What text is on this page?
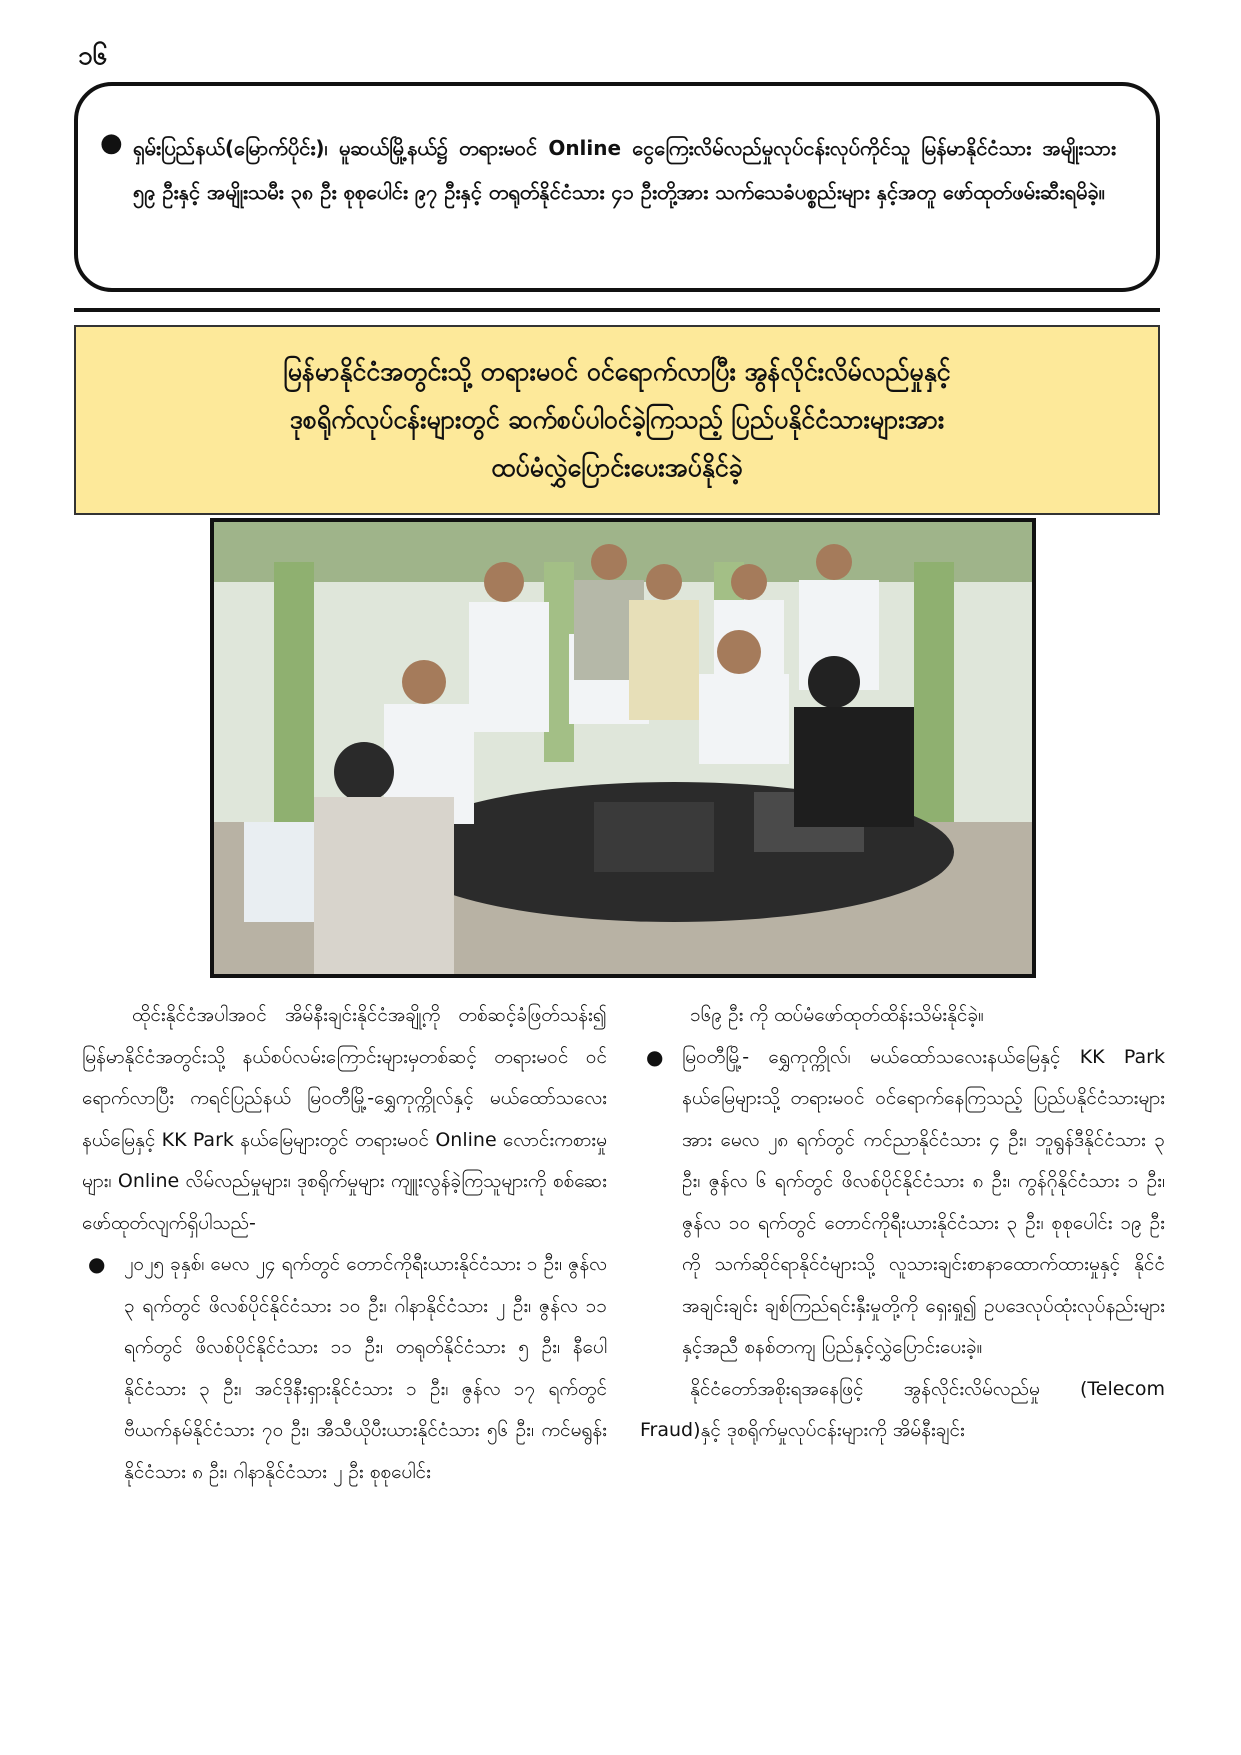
၁၆
● ရှမ်းပြည်နယ်(မြောက်ပိုင်း)၊ မူဆယ်မြို့နယ်၌ တရားမဝင် Online ငွေကြေးလိမ်လည်မှုလုပ်ငန်းလုပ်ကိုင်သူ မြန်မာနိုင်ငံသား အမျိုးသား ၅၉ ဦးနှင့် အမျိုးသမီး ၃၈ ဦး စုစုပေါင်း ၉၇ ဦးနှင့် တရုတ်နိုင်ငံသား ၄၁ ဦးတို့အား သက်သေခံပစ္စည်းများ နှင့်အတူ ဖော်ထုတ်ဖမ်းဆီးရမိခဲ့။

မြန်မာနိုင်ငံအတွင်းသို့ တရားမဝင် ဝင်ရောက်လာပြီး အွန်လိုင်းလိမ်လည်မှုနှင့်
ဒုစရိုက်လုပ်ငန်းများတွင် ဆက်စပ်ပါဝင်ခဲ့ကြသည့် ပြည်ပနိုင်ငံသားများအား
ထပ်မံလွှဲပြောင်းပေးအပ်နိုင်ခဲ့

ထိုင်းနိုင်ငံအပါအဝင် အိမ်နီးချင်းနိုင်ငံအချို့ကို တစ်ဆင့်ခံဖြတ်သန်း၍ မြန်မာနိုင်ငံအတွင်းသို့ နယ်စပ်လမ်းကြောင်းများမှတစ်ဆင့် တရားမဝင် ဝင်ရောက်လာပြီး ကရင်ပြည်နယ် မြဝတီမြို့-ရွှေကုက္ကိုလ်နှင့် မယ်ထော်သလေးနယ်မြေနှင့် KK Park နယ်မြေများတွင် တရားမဝင် Online လောင်းကစားမှုများ၊ Online လိမ်လည်မှုများ၊ ဒုစရိုက်မှုများ ကျူးလွန်ခဲ့ကြသူများကို စစ်ဆေးဖော်ထုတ်လျက်ရှိပါသည်-

● ၂၀၂၅ ခုနှစ်၊ မေလ ၂၄ ရက်တွင် တောင်ကိုရီးယားနိုင်ငံသား ၁ ဦး၊ ဇွန်လ ၃ ရက်တွင် ဖိလစ်ပိုင်နိုင်ငံသား ၁၀ ဦး၊ ဂါနာနိုင်ငံသား ၂ ဦး၊ ဇွန်လ ၁၁ ရက်တွင် ဖိလစ်ပိုင်နိုင်ငံသား ၁၁ ဦး၊ တရုတ်နိုင်ငံသား ၅ ဦး၊ နီပေါနိုင်ငံသား ၃ ဦး၊ အင်ဒိုနီးရှားနိုင်ငံသား ၁ ဦး၊ ဇွန်လ ၁၇ ရက်တွင် ဗီယက်နမ်နိုင်ငံသား ၇၀ ဦး၊ အီသီယိုပီးယားနိုင်ငံသား ၅၆ ဦး၊ ကင်မရွန်းနိုင်ငံသား ၈ ဦး၊ ဂါနာနိုင်ငံသား ၂ ဦး စုစုပေါင်း

၁၆၉ ဦး ကို ထပ်မံဖော်ထုတ်ထိန်းသိမ်းနိုင်ခဲ့။

● မြဝတီမြို့- ရွှေကုက္ကိုလ်၊ မယ်ထော်သလေးနယ်မြေနှင့် KK Park နယ်မြေများသို့ တရားမဝင် ဝင်ရောက်နေကြသည့် ပြည်ပနိုင်ငံသားများအား မေလ ၂၈ ရက်တွင် ကင်ညာနိုင်ငံသား ၄ ဦး၊ ဘူရွန်ဒီနိုင်ငံသား ၃ ဦး၊ ဇွန်လ ၆ ရက်တွင် ဖိလစ်ပိုင်နိုင်ငံသား ၈ ဦး၊ ကွန်ဂိုနိုင်ငံသား ၁ ဦး၊ ဇွန်လ ၁၀ ရက်တွင် တောင်ကိုရီးယားနိုင်ငံသား ၃ ဦး၊ စုစုပေါင်း ၁၉ ဦးကို သက်ဆိုင်ရာနိုင်ငံများသို့ လူသားချင်းစာနာထောက်ထားမှုနှင့် နိုင်ငံအချင်းချင်း ချစ်ကြည်ရင်းနှီးမှုတို့ကို ရှေးရှု၍ ဥပဒေလုပ်ထုံးလုပ်နည်းများနှင့်အညီ စနစ်တကျ ပြည်နှင့်လွှဲပြောင်းပေးခဲ့။

နိုင်ငံတော်အစိုးရအနေဖြင့် အွန်လိုင်းလိမ်လည်မှု (Telecom Fraud)နှင့် ဒုစရိုက်မှုလုပ်ငန်းများကို အိမ်နီးချင်း
